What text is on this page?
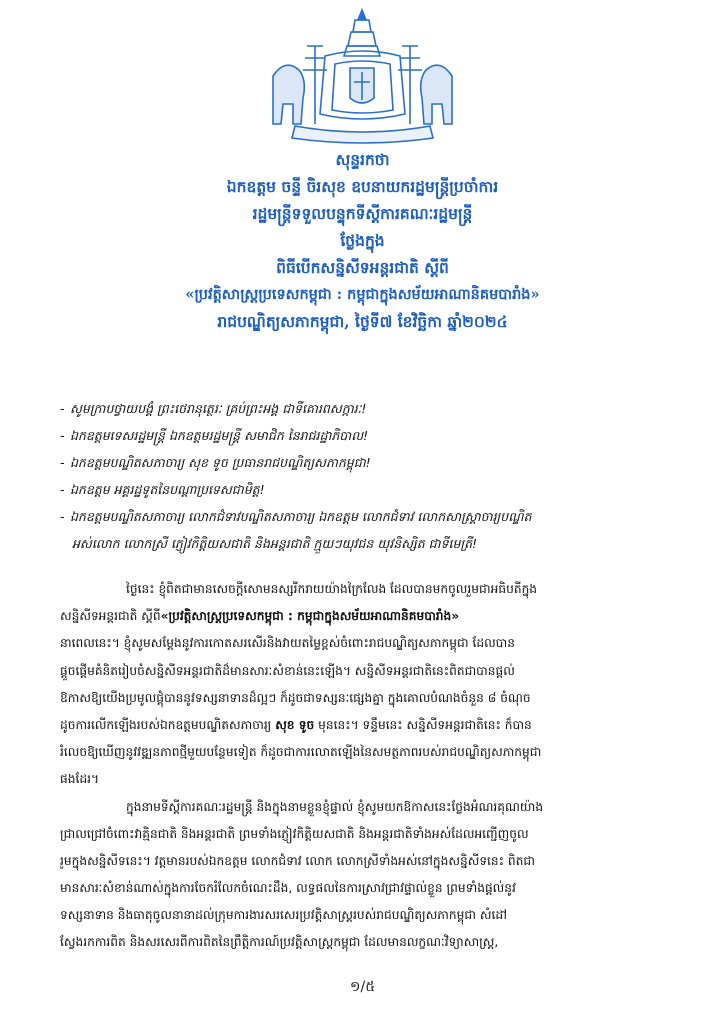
សុន្ទរកថា
ឯកឧត្តម ចន្ទី ចិរសុខ ឧបនាយករដ្ឋមន្ត្រីប្រចាំការ
រដ្ឋមន្ត្រីទទួលបន្ទុកទីស្តីការគណៈរដ្ឋមន្ត្រី
ថ្លែងក្នុង
ពិធីបើកសន្និសីទអន្តរជាតិ ស្តីពី
«ប្រវត្តិសាស្ត្រប្រទេសកម្ពុជា : កម្ពុជាក្នុងសម័យអាណានិគមបារាំង»
រាជបណ្ឌិត្យសភាកម្ពុជា, ថ្ងៃទី៧ ខែវិច្ឆិកា ឆ្នាំ២០២៤
- សូមក្រាបថ្វាយបង្គំ ព្រះថេរានុត្ថេរៈ គ្រប់ព្រះអង្គ ជាទីគោរពសក្ការៈ!
- ឯកឧត្តមទេសរដ្ឋមន្ត្រី ឯកឧត្តមរដ្ឋមន្ត្រី សមាជិក នៃរាជរដ្ឋាភិបាល!
- ឯកឧត្តមបណ្ឌិតសភាចារ្យ សុខ ទូច ប្រធានរាជបណ្ឌិត្យសភាកម្ពុជា!
- ឯកឧត្តម អគ្គរដ្ឋទូតនៃបណ្តាប្រទេសជាមិត្ត!
- ឯកឧត្តមបណ្ឌិតសភាចារ្យ លោកជំទាវបណ្ឌិតសភាចារ្យ ឯកឧត្តម លោកជំទាវ លោកសាស្ត្រាចារ្យបណ្ឌិត
អស់លោក លោកស្រី ភ្ញៀវកិត្តិយសជាតិ និងអន្តរជាតិ ក្មួយៗយុវជន យុវនិស្សិត ជាទីមេត្រី!
ថ្ងៃនេះ ខ្ញុំពិតជាមានសេចក្តីសោមនស្សរីករាយយ៉ាងក្រៃលែង ដែលបានមកចូលរួមជាអធិបតីក្នុង
សន្និសីទអន្តរជាតិ ស្តីពី«ប្រវត្តិសាស្ត្រប្រទេសកម្ពុជា : កម្ពុជាក្នុងសម័យអាណានិគមបារាំង»
នាពេលនេះ។ ខ្ញុំសូមសម្តែងនូវការកោតសរសើរនិងវាយតម្លៃខ្ពស់ចំពោះរាជបណ្ឌិត្យសភាកម្ពុជា ដែលបាន
ផ្តួចផ្តើមគំនិតរៀបចំសន្និសីទអន្តរជាតិដ៏មានសារៈសំខាន់នេះឡើង។ សន្និសីទអន្តរជាតិនេះពិតជាបានផ្តល់
ឱកាសឱ្យយើងប្រមូលផ្តុំបាននូវទស្សនាទានដ៏ល្អៗ ក៏ដូចជាទស្សនៈផ្សេងគ្នា ក្នុងគោលបំណងចំនួន ៨ ចំណុច
ដូចការលើកឡើងរបស់ឯកឧត្តមបណ្ឌិតសភាចារ្យ សុខ ទូច មុននេះ។ ទន្ទឹមនេះ សន្និសីទអន្តរជាតិនេះ ក៏បាន
រំលេចឱ្យឃើញនូវវឌ្ឍនភាពថ្មីមួយបន្ថែមទៀត ក៏ដូចជាការលោតឡើងនៃសមត្ថភាពរបស់រាជបណ្ឌិត្យសភាកម្ពុជា
ផងដែរ។
ក្នុងនាមទីស្តីការគណៈរដ្ឋមន្ត្រី និងក្នុងនាមខ្លួនខ្ញុំផ្ទាល់ ខ្ញុំសូមយកឱកាសនេះថ្លែងអំណរគុណយ៉ាង
ជ្រាលជ្រៅចំពោះវាគ្មិនជាតិ និងអន្តរជាតិ ព្រមទាំងភ្ញៀវកិត្តិយសជាតិ និងអន្តរជាតិទាំងអស់ដែលអញ្ជើញចូល
រួមក្នុងសន្និសីទនេះ។ វត្តមានរបស់ឯកឧត្តម លោកជំទាវ លោក លោកស្រីទាំងអស់នៅក្នុងសន្និសីទនេះ ពិតជា
មានសារៈសំខាន់ណាស់ក្នុងការចែករំលែកចំណេះដឹង, លទ្ធផលនៃការស្រាវជ្រាវផ្ទាល់ខ្លួន ព្រមទាំងផ្តល់នូវ
ទស្សនាទាន និងធាតុចូលនានាដល់ក្រុមការងារសរសេរប្រវត្តិសាស្ត្ររបស់រាជបណ្ឌិត្យសភាកម្ពុជា សំដៅ
ស្វែងរកការពិត និងសរសេរពីការពិតនៃព្រឹត្តិការណ៍ប្រវត្តិសាស្ត្រកម្ពុជា ដែលមានលក្ខណៈវិទ្យាសាស្ត្រ,
១/៥
